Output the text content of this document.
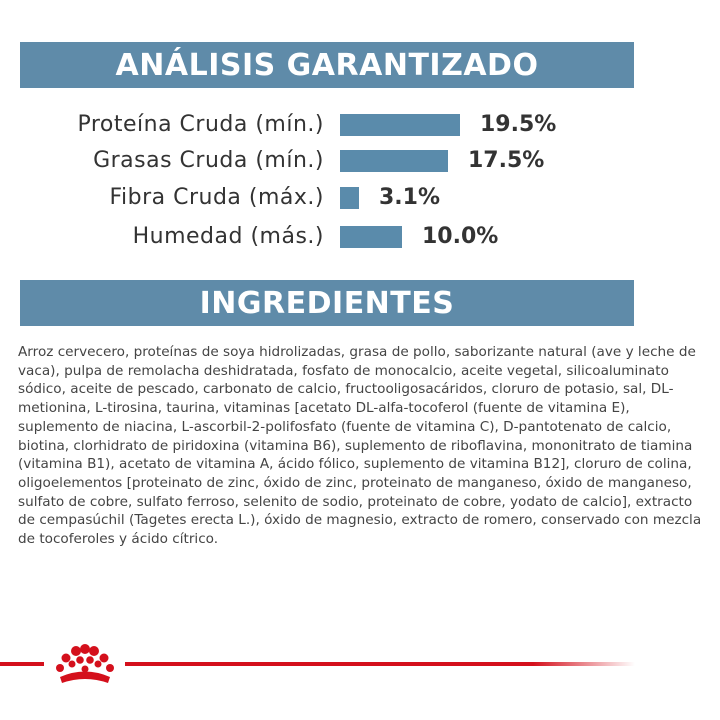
ANÁLISIS GARANTIZADO
Proteína Cruda (mín.)	19.5%
Grasas Cruda (mín.)	17.5%
Fibra Cruda (máx.)	3.1%
Humedad (más.)	10.0%
INGREDIENTES

Arroz cervecero, proteínas de soya hidrolizadas, grasa de pollo, saborizante natural (ave y leche de vaca), pulpa de remolacha deshidratada, fosfato de monocalcio, aceite vegetal, silicoaluminato sódico, aceite de pescado, carbonato de calcio, fructooligosacáridos, cloruro de potasio, sal, DL-metionina, L-tirosina, taurina, vitaminas [acetato DL-alfa-tocoferol (fuente de vitamina E), suplemento de niacina, L-ascorbil-2-polifosfato (fuente de vitamina C), D-pantotenato de calcio, biotina, clorhidrato de piridoxina (vitamina B6), suplemento de riboflavina, mononitrato de tiamina (vitamina B1), acetato de vitamina A, ácido fólico, suplemento de vitamina B12], cloruro de colina, oligoelementos [proteinato de zinc, óxido de zinc, proteinato de manganeso, óxido de manganeso, sulfato de cobre, sulfato ferroso, selenito de sodio, proteinato de cobre, yodato de calcio], extracto de cempasúchil (Tagetes erecta L.), óxido de magnesio, extracto de romero, conservado con mezcla de tocoferoles y ácido cítrico.
